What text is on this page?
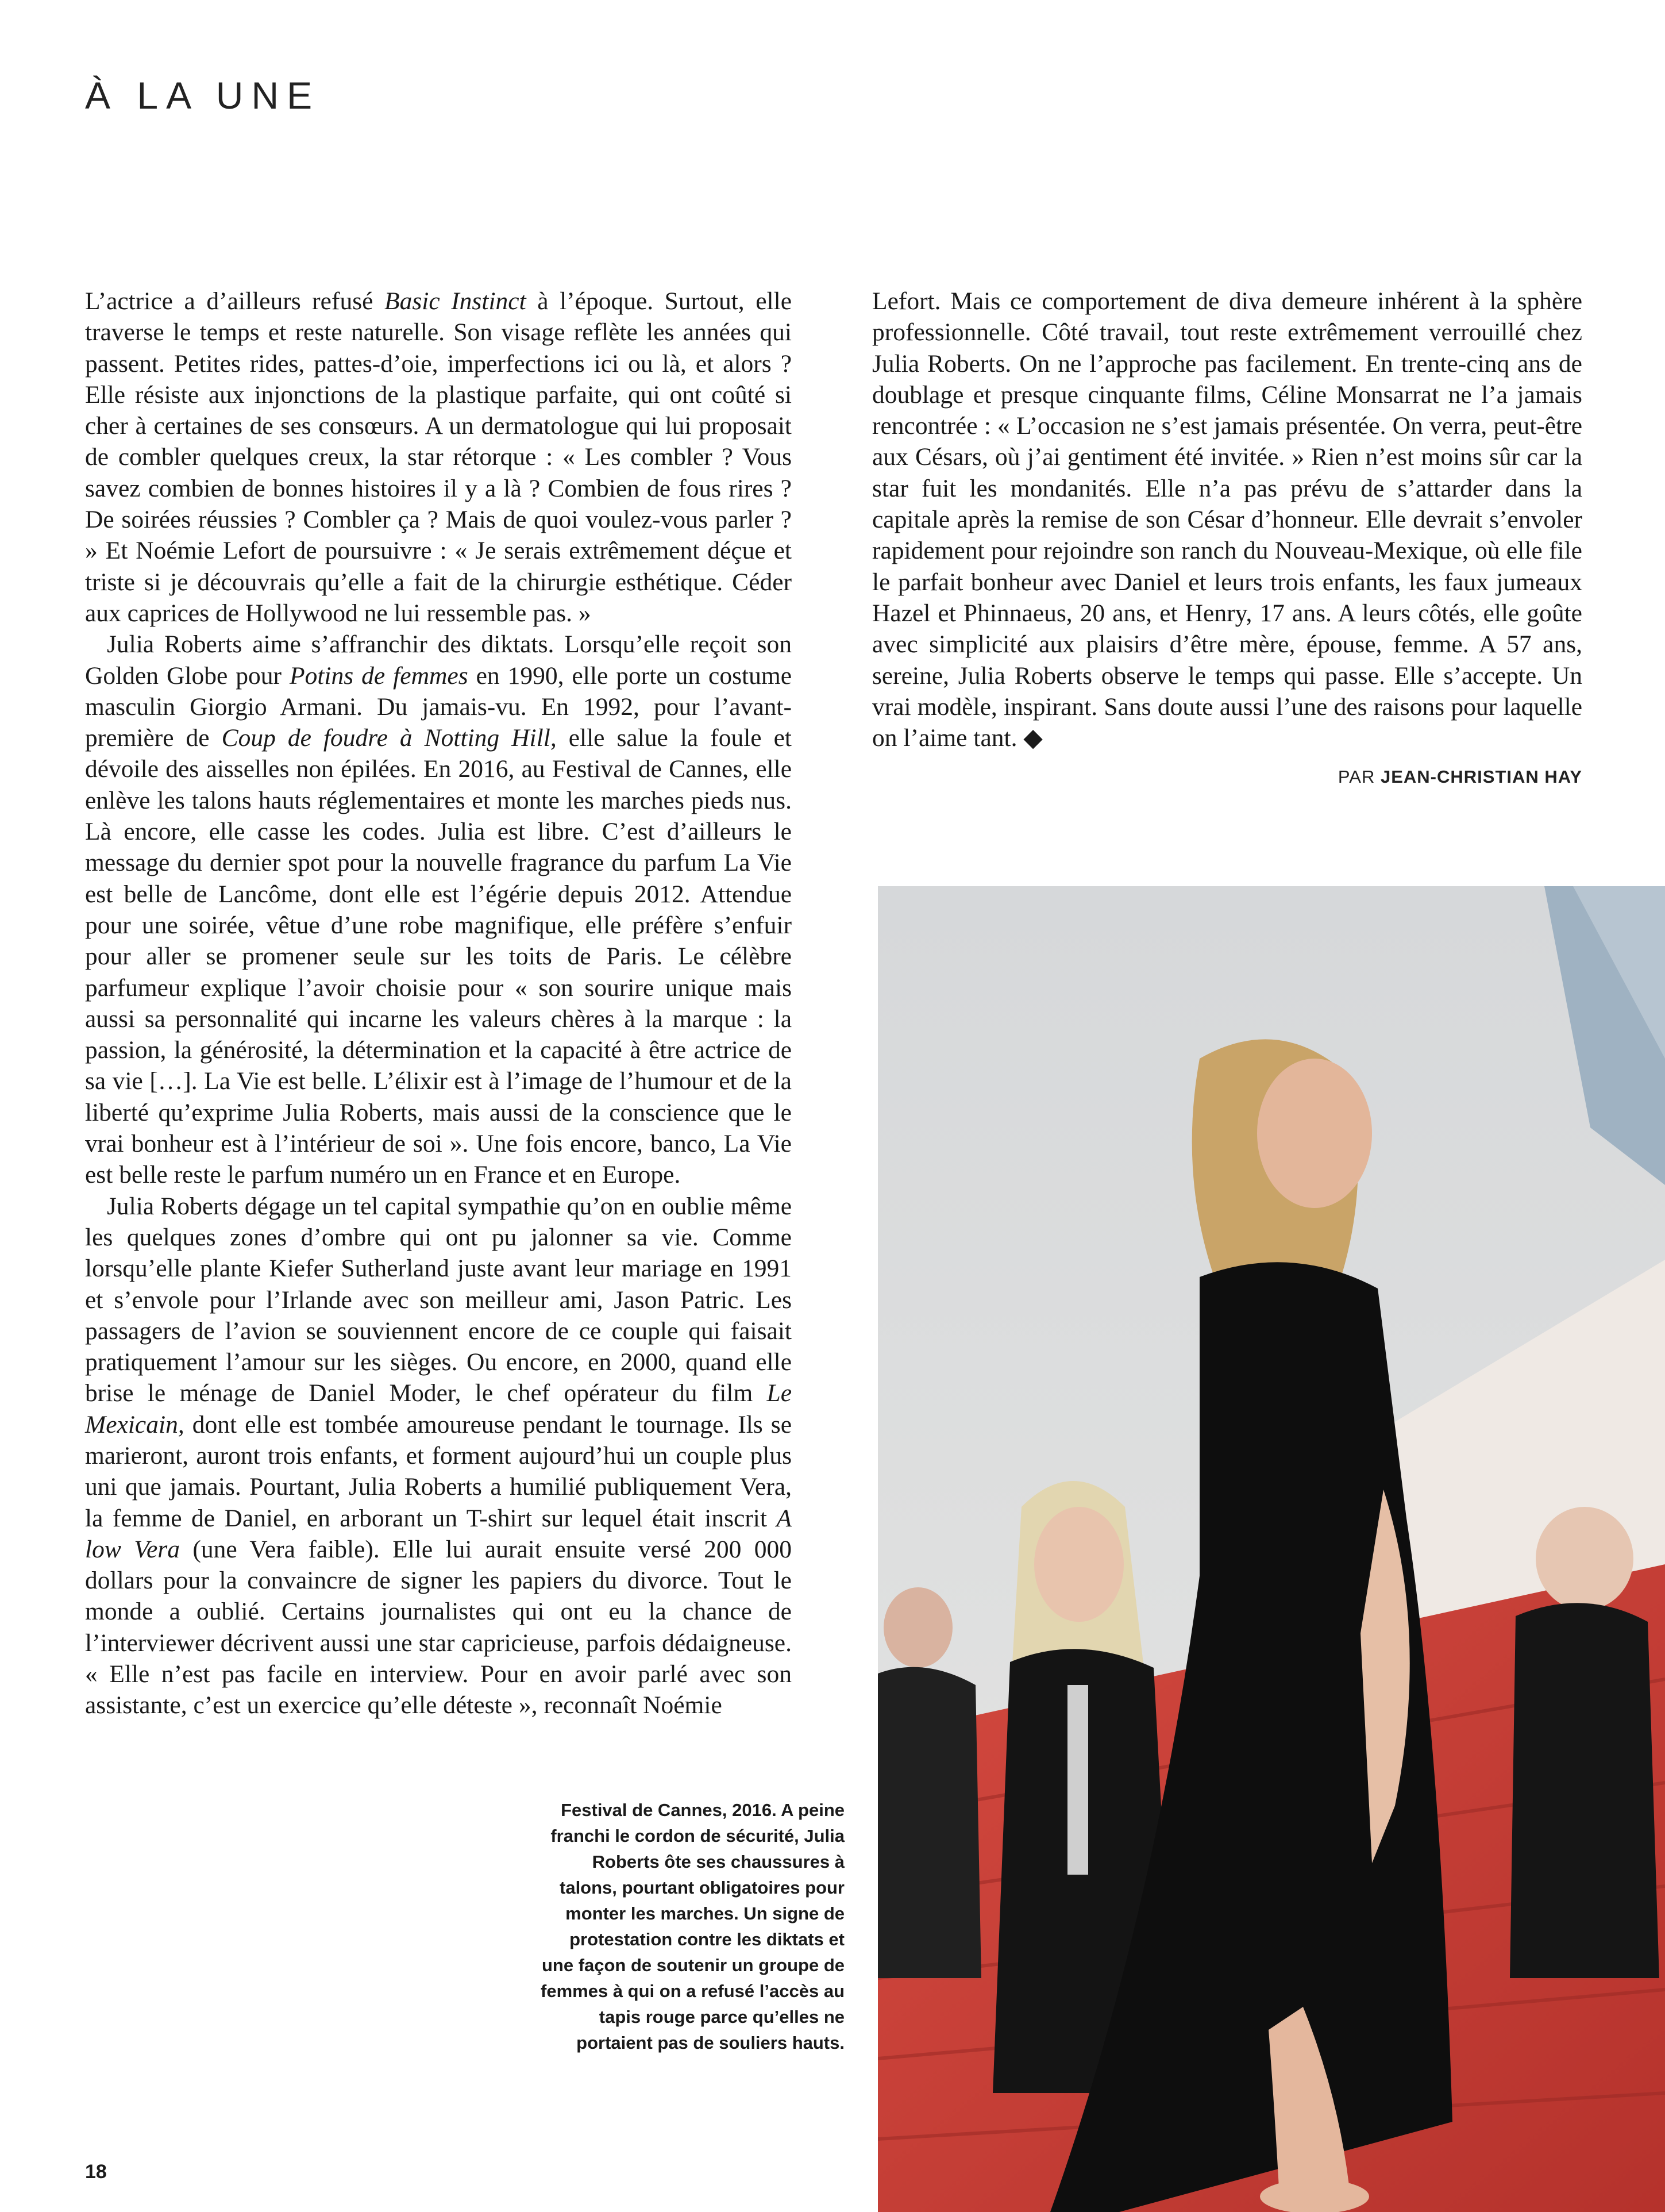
À LA UNE

L’actrice a d’ailleurs refusé Basic Instinct à l’époque. Surtout, elle traverse le temps et reste naturelle. Son visage reflète les années qui passent. Petites rides, pattes-d’oie, imperfections ici ou là, et alors ? Elle résiste aux injonctions de la plastique parfaite, qui ont coûté si cher à certaines de ses consœurs. A un dermatologue qui lui proposait de combler quelques creux, la star rétorque : « Les combler ? Vous savez combien de bonnes histoires il y a là ? Combien de fous rires ? De soirées réussies ? Combler ça ? Mais de quoi voulez-vous parler ? » Et Noémie Lefort de poursuivre : « Je serais extrêmement déçue et triste si je découvrais qu’elle a fait de la chirurgie esthétique. Céder aux caprices de Hollywood ne lui ressemble pas. »

Julia Roberts aime s’affranchir des diktats. Lorsqu’elle reçoit son Golden Globe pour Potins de femmes en 1990, elle porte un costume masculin Giorgio Armani. Du jamais-vu. En 1992, pour l’avant-première de Coup de foudre à Notting Hill, elle salue la foule et dévoile des aisselles non épilées. En 2016, au Festival de Cannes, elle enlève les talons hauts réglementaires et monte les marches pieds nus. Là encore, elle casse les codes. Julia est libre. C’est d’ailleurs le message du dernier spot pour la nouvelle fragrance du parfum La Vie est belle de Lancôme, dont elle est l’égérie depuis 2012. Attendue pour une soirée, vêtue d’une robe magnifique, elle préfère s’enfuir pour aller se promener seule sur les toits de Paris. Le célèbre parfumeur explique l’avoir choisie pour « son sourire unique mais aussi sa personnalité qui incarne les valeurs chères à la marque : la passion, la générosité, la détermination et la capacité à être actrice de sa vie […]. La Vie est belle. L’élixir est à l’image de l’humour et de la liberté qu’exprime Julia Roberts, mais aussi de la conscience que le vrai bonheur est à l’intérieur de soi ». Une fois encore, banco, La Vie est belle reste le parfum numéro un en France et en Europe.

Julia Roberts dégage un tel capital sympathie qu’on en oublie même les quelques zones d’ombre qui ont pu jalonner sa vie. Comme lorsqu’elle plante Kiefer Sutherland juste avant leur mariage en 1991 et s’envole pour l’Irlande avec son meilleur ami, Jason Patric. Les passagers de l’avion se souviennent encore de ce couple qui faisait pratiquement l’amour sur les sièges. Ou encore, en 2000, quand elle brise le ménage de Daniel Moder, le chef opérateur du film Le Mexicain, dont elle est tombée amoureuse pendant le tournage. Ils se marieront, auront trois enfants, et forment aujourd’hui un couple plus uni que jamais. Pourtant, Julia Roberts a humilié publiquement Vera, la femme de Daniel, en arborant un T-shirt sur lequel était inscrit A low Vera (une Vera faible). Elle lui aurait ensuite versé 200 000 dollars pour la convaincre de signer les papiers du divorce. Tout le monde a oublié. Certains journalistes qui ont eu la chance de l’interviewer décrivent aussi une star capricieuse, parfois dédaigneuse. « Elle n’est pas facile en interview. Pour en avoir parlé avec son assistante, c’est un exercice qu’elle déteste », reconnaît Noémie

Lefort. Mais ce comportement de diva demeure inhérent à la sphère professionnelle. Côté travail, tout reste extrêmement verrouillé chez Julia Roberts. On ne l’approche pas facilement. En trente-cinq ans de doublage et presque cinquante films, Céline Monsarrat ne l’a jamais rencontrée : « L’occasion ne s’est jamais présentée. On verra, peut-être aux Césars, où j’ai gentiment été invitée. » Rien n’est moins sûr car la star fuit les mondanités. Elle n’a pas prévu de s’attarder dans la capitale après la remise de son César d’honneur. Elle devrait s’envoler rapidement pour rejoindre son ranch du Nouveau-Mexique, où elle file le parfait bonheur avec Daniel et leurs trois enfants, les faux jumeaux Hazel et Phinnaeus, 20 ans, et Henry, 17 ans. A leurs côtés, elle goûte avec simplicité aux plaisirs d’être mère, épouse, femme. A 57 ans, sereine, Julia Roberts observe le temps qui passe. Elle s’accepte. Un vrai modèle, inspirant. Sans doute aussi l’une des raisons pour laquelle on l’aime tant. ◆

PAR JEAN-CHRISTIAN HAY
Festival de Cannes, 2016. A peine franchi le cordon de sécurité, Julia Roberts ôte ses chaussures à talons, pourtant obligatoires pour monter les marches. Un signe de protestation contre les diktats et une façon de soutenir un groupe de femmes à qui on a refusé l’accès au tapis rouge parce qu’elles ne portaient pas de souliers hauts.
18
